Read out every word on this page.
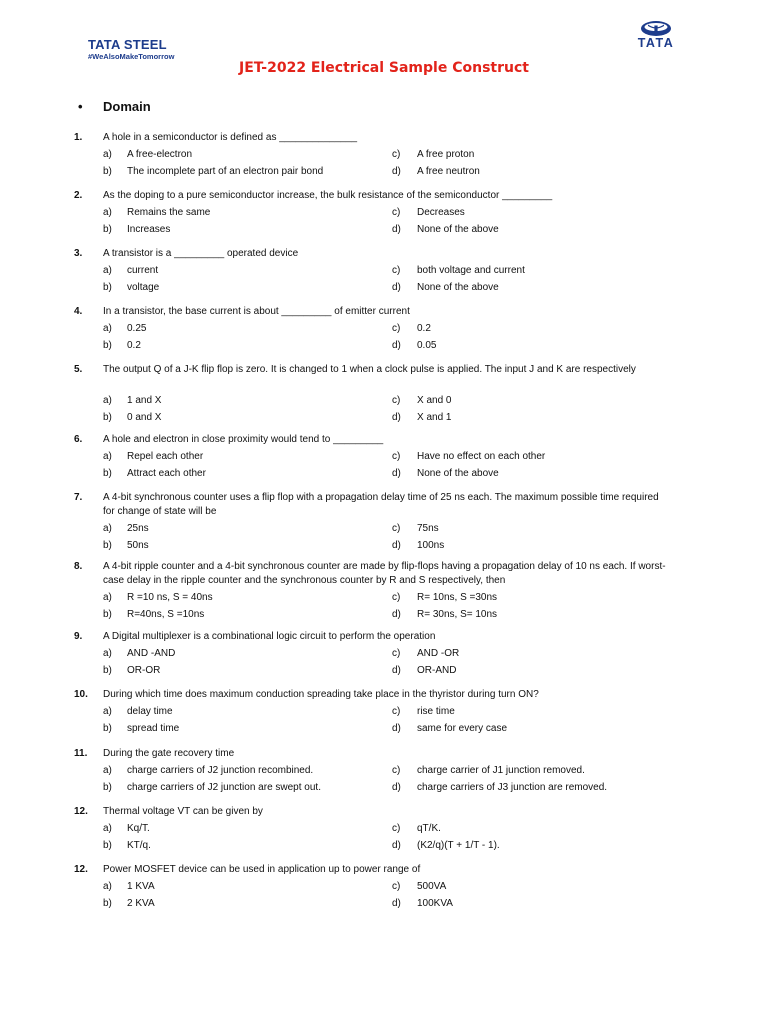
TATA STEEL
#WeAlsoMakeTomorrow
TATA
JET-2022 Electrical Sample Construct
• Domain
1. A hole in a semiconductor is defined as ______________
a) A free-electron	c) A free proton
b) The incomplete part of an electron pair bond	d) A free neutron
2. As the doping to a pure semiconductor increase, the bulk resistance of the semiconductor _________
a) Remains the same	c) Decreases
b) Increases	d) None of the above
3. A transistor is a _________ operated device
a) current	c) both voltage and current
b) voltage	d) None of the above
4. In a transistor, the base current is about _________ of emitter current
a) 0.25	c) 0.2
b) 0.2	d) 0.05
5. The output Q of a J-K flip flop is zero. It is changed to 1 when a clock pulse is applied. The input J and K are respectively
a) 1 and X	c) X and 0
b) 0 and X	d) X and 1
6. A hole and electron in close proximity would tend to _________
a) Repel each other	c) Have no effect on each other
b) Attract each other	d) None of the above
7. A 4-bit synchronous counter uses a flip flop with a propagation delay time of 25 ns each. The maximum possible time required for change of state will be
a) 25ns	c) 75ns
b) 50ns	d) 100ns
8. A 4-bit ripple counter and a 4-bit synchronous counter are made by flip-flops having a propagation delay of 10 ns each. If worst-case delay in the ripple counter and the synchronous counter by R and S respectively, then
a) R =10 ns, S = 40ns	c) R= 10ns, S =30ns
b) R=40ns, S =10ns	d) R= 30ns, S= 10ns
9. A Digital multiplexer is a combinational logic circuit to perform the operation
a) AND -AND	c) AND -OR
b) OR-OR	d) OR-AND
10. During which time does maximum conduction spreading take place in the thyristor during turn ON?
a) delay time	c) rise time
b) spread time	d) same for every case
11. During the gate recovery time
a) charge carriers of J2 junction recombined.	c) charge carrier of J1 junction removed.
b) charge carriers of J2 junction are swept out.	d) charge carriers of J3 junction are removed.
12. Thermal voltage VT can be given by
a) Kq/T.	c) qT/K.
b) KT/q.	d) (K2/q)(T + 1/T - 1).
12. Power MOSFET device can be used in application up to power range of
a) 1 KVA	c) 500VA
b) 2 KVA	d) 100KVA
